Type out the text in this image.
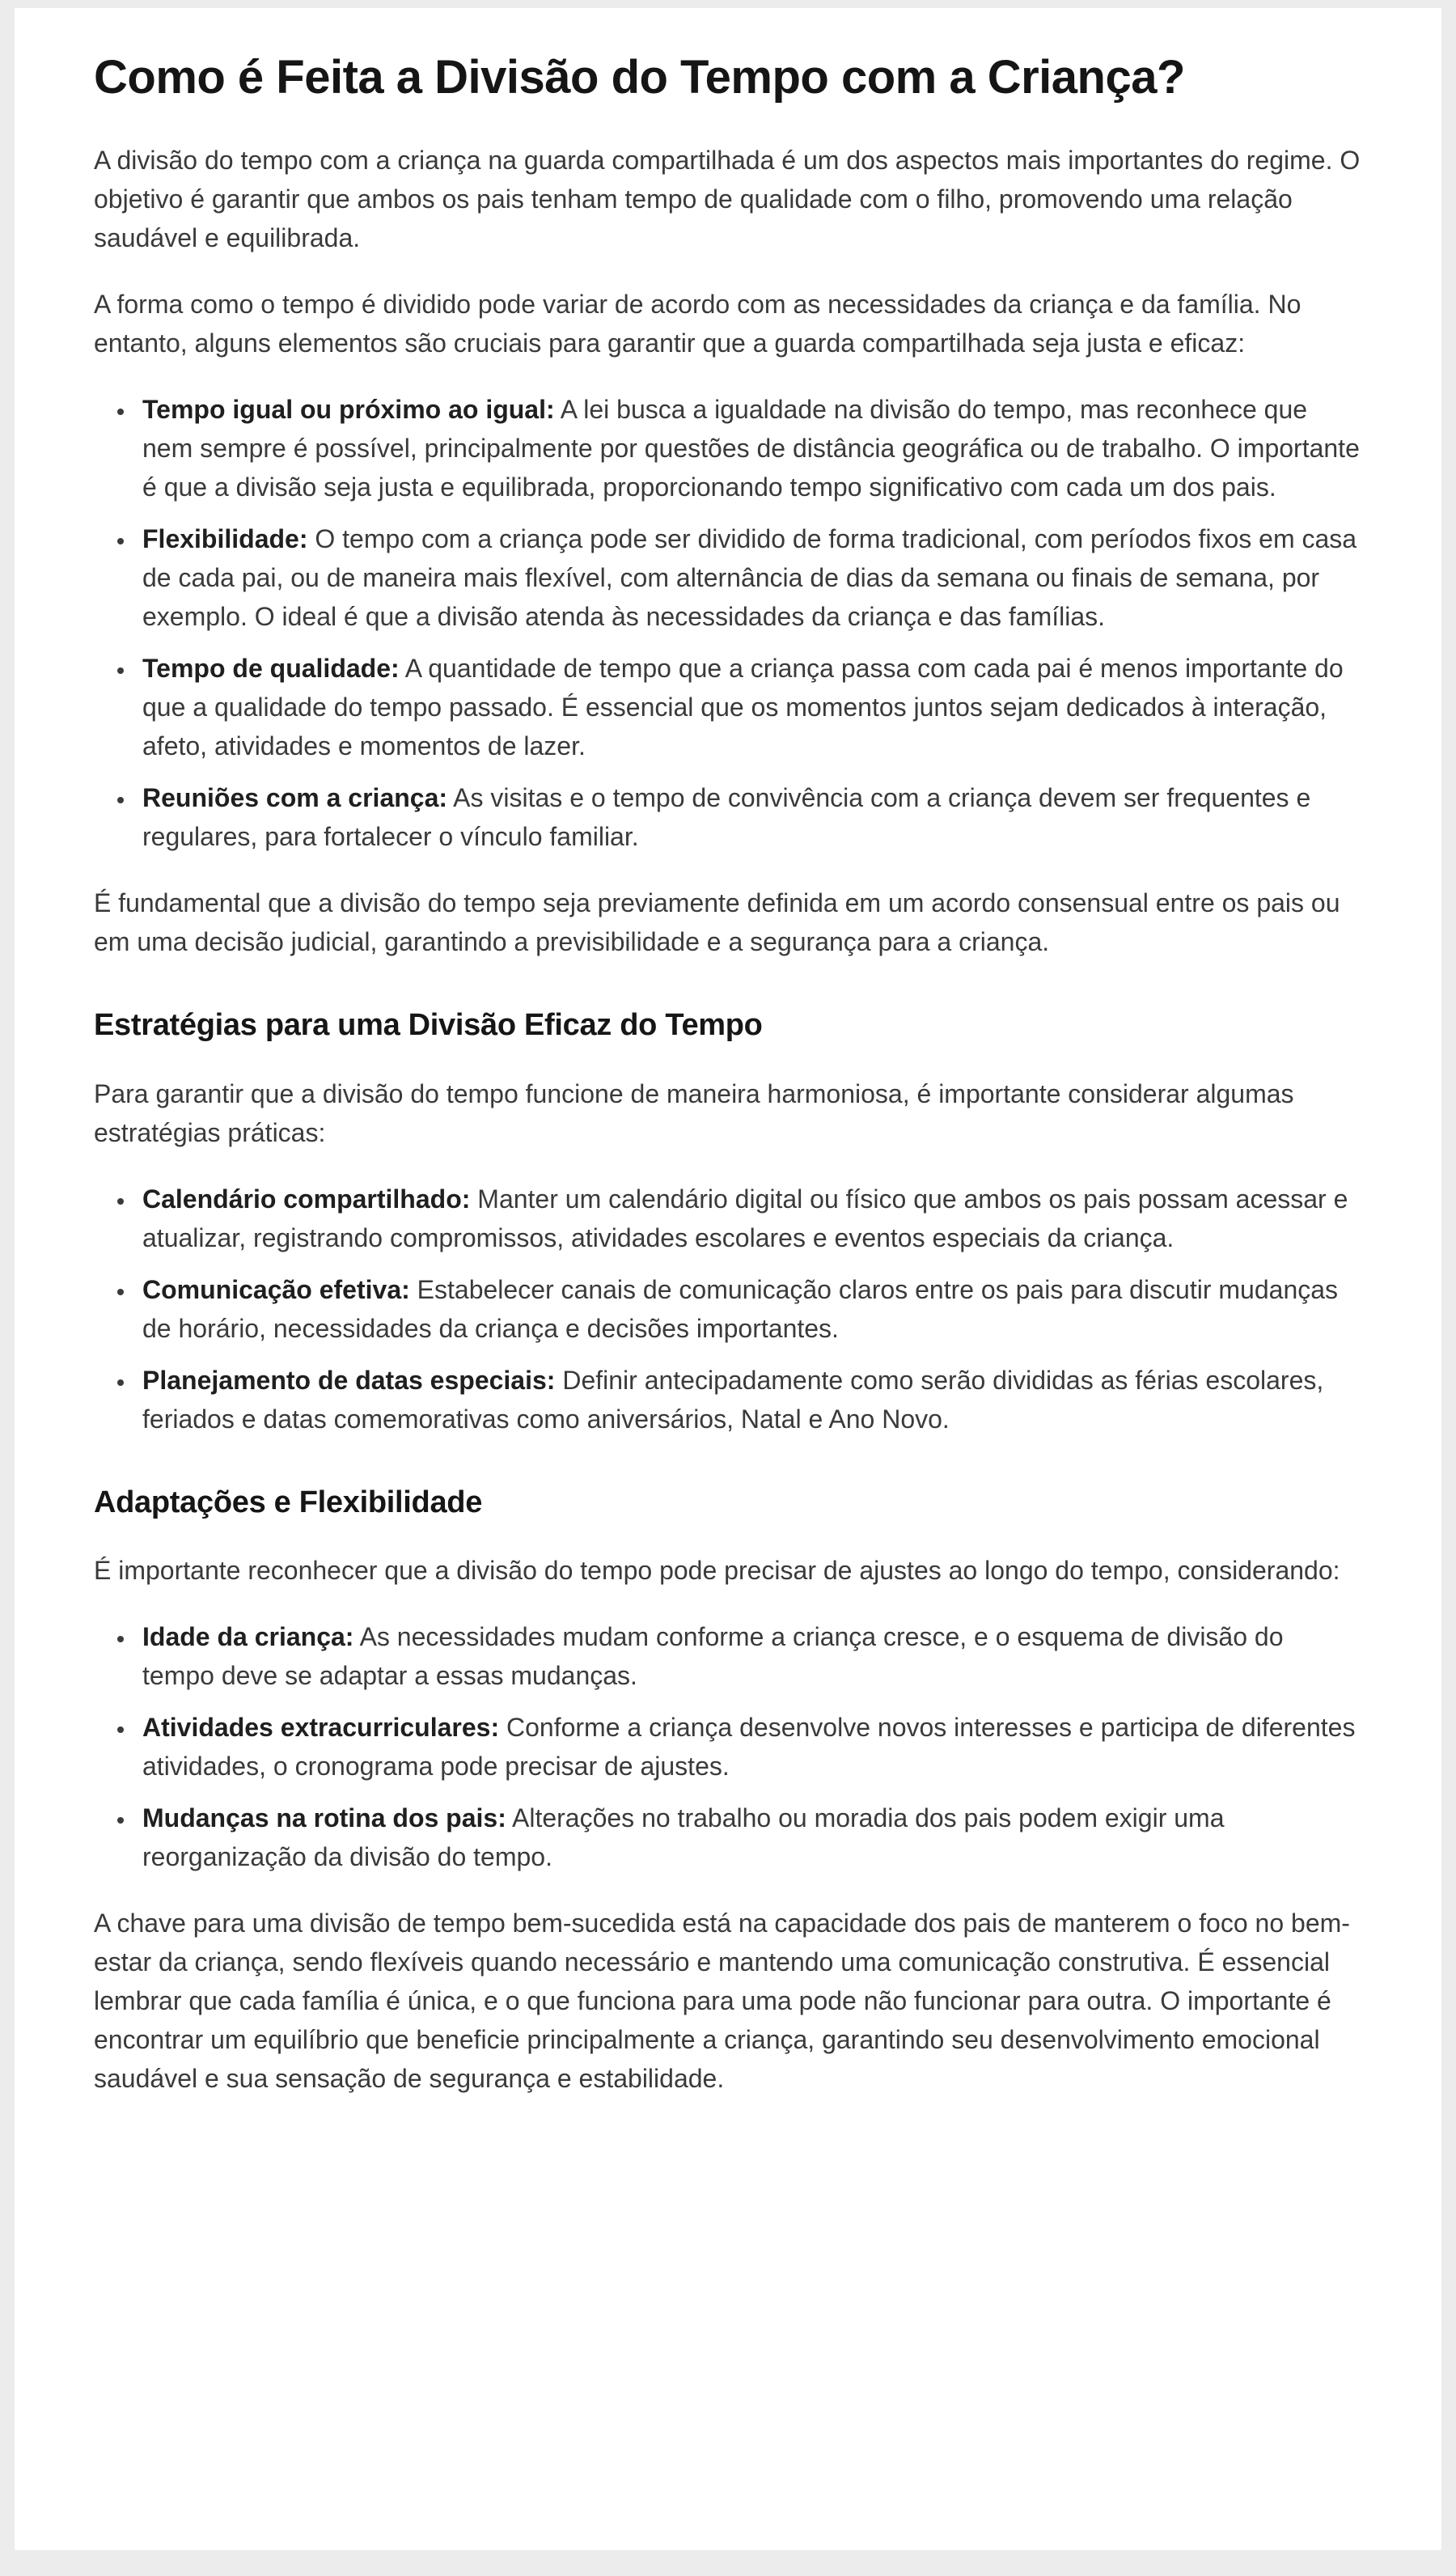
Como é Feita a Divisão do Tempo com a Criança?

A divisão do tempo com a criança na guarda compartilhada é um dos aspectos mais importantes do regime. O objetivo é garantir que ambos os pais tenham tempo de qualidade com o filho, promovendo uma relação saudável e equilibrada.

A forma como o tempo é dividido pode variar de acordo com as necessidades da criança e da família. No entanto, alguns elementos são cruciais para garantir que a guarda compartilhada seja justa e eficaz:

• Tempo igual ou próximo ao igual: A lei busca a igualdade na divisão do tempo, mas reconhece que nem sempre é possível, principalmente por questões de distância geográfica ou de trabalho. O importante é que a divisão seja justa e equilibrada, proporcionando tempo significativo com cada um dos pais.
• Flexibilidade: O tempo com a criança pode ser dividido de forma tradicional, com períodos fixos em casa de cada pai, ou de maneira mais flexível, com alternância de dias da semana ou finais de semana, por exemplo. O ideal é que a divisão atenda às necessidades da criança e das famílias.
• Tempo de qualidade: A quantidade de tempo que a criança passa com cada pai é menos importante do que a qualidade do tempo passado. É essencial que os momentos juntos sejam dedicados à interação, afeto, atividades e momentos de lazer.
• Reuniões com a criança: As visitas e o tempo de convivência com a criança devem ser frequentes e regulares, para fortalecer o vínculo familiar.

É fundamental que a divisão do tempo seja previamente definida em um acordo consensual entre os pais ou em uma decisão judicial, garantindo a previsibilidade e a segurança para a criança.

Estratégias para uma Divisão Eficaz do Tempo

Para garantir que a divisão do tempo funcione de maneira harmoniosa, é importante considerar algumas estratégias práticas:

• Calendário compartilhado: Manter um calendário digital ou físico que ambos os pais possam acessar e atualizar, registrando compromissos, atividades escolares e eventos especiais da criança.
• Comunicação efetiva: Estabelecer canais de comunicação claros entre os pais para discutir mudanças de horário, necessidades da criança e decisões importantes.
• Planejamento de datas especiais: Definir antecipadamente como serão divididas as férias escolares, feriados e datas comemorativas como aniversários, Natal e Ano Novo.
Adaptações e Flexibilidade

É importante reconhecer que a divisão do tempo pode precisar de ajustes ao longo do tempo, considerando:

• Idade da criança: As necessidades mudam conforme a criança cresce, e o esquema de divisão do tempo deve se adaptar a essas mudanças.
• Atividades extracurriculares: Conforme a criança desenvolve novos interesses e participa de diferentes atividades, o cronograma pode precisar de ajustes.
• Mudanças na rotina dos pais: Alterações no trabalho ou moradia dos pais podem exigir uma reorganização da divisão do tempo.

A chave para uma divisão de tempo bem-sucedida está na capacidade dos pais de manterem o foco no bem-estar da criança, sendo flexíveis quando necessário e mantendo uma comunicação construtiva. É essencial lembrar que cada família é única, e o que funciona para uma pode não funcionar para outra. O importante é encontrar um equilíbrio que beneficie principalmente a criança, garantindo seu desenvolvimento emocional saudável e sua sensação de segurança e estabilidade.
